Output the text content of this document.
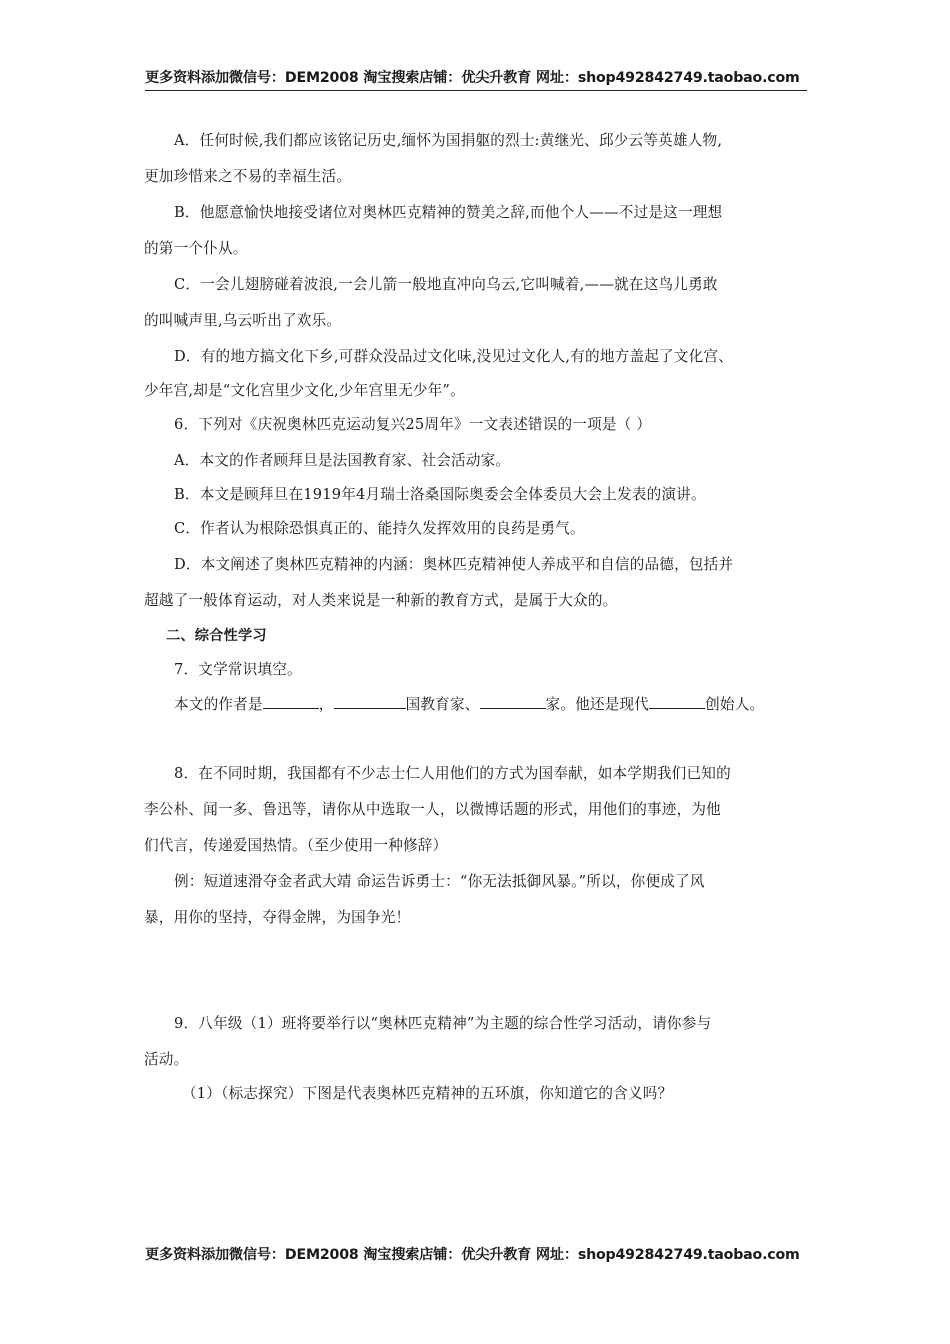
更多资料添加微信号：DEM2008 淘宝搜索店铺：优尖升教育 网址：shop492842749.taobao.com
A．任何时候,我们都应该铭记历史,缅怀为国捐躯的烈士:黄继光、邱少云等英雄人物,
更加珍惜来之不易的幸福生活。
B．他愿意愉快地接受诸位对奥林匹克精神的赞美之辞,而他个人——不过是这一理想
的第一个仆从。
C．一会儿翅膀碰着波浪,一会儿箭一般地直冲向乌云,它叫喊着,——就在这鸟儿勇敢
的叫喊声里,乌云听出了欢乐。
D．有的地方搞文化下乡,可群众没品过文化味,没见过文化人,有的地方盖起了文化宫、
少年宫,却是“文化宫里少文化,少年宫里无少年”。
6．下列对《庆祝奥林匹克运动复兴25周年》一文表述错误的一项是（ ）
A．本文的作者顾拜旦是法国教育家、社会活动家。
B．本文是顾拜旦在1919年4月瑞士洛桑国际奥委会全体委员大会上发表的演讲。
C．作者认为根除恐惧真正的、能持久发挥效用的良药是勇气。
D．本文阐述了奥林匹克精神的内涵：奥林匹克精神使人养成平和自信的品德，包括并
超越了一般体育运动，对人类来说是一种新的教育方式，是属于大众的。
二、综合性学习
7．文学常识填空。
本文的作者是	，	国教育家、	家。他还是现代	创始人。
8．在不同时期，我国都有不少志士仁人用他们的方式为国奉献，如本学期我们已知的
李公朴、闻一多、鲁迅等，请你从中选取一人，以微博话题的形式，用他们的事迹，为他
们代言，传递爱国热情。（至少使用一种修辞）
例：短道速滑夺金者武大靖 命运告诉勇士：“你无法抵御风暴。”所以，你便成了风
暴，用你的坚持，夺得金牌，为国争光！
9．八年级（1）班将要举行以“奥林匹克精神”为主题的综合性学习活动，请你参与
活动。
（1）（标志探究）下图是代表奥林匹克精神的五环旗，你知道它的含义吗？
更多资料添加微信号：DEM2008 淘宝搜索店铺：优尖升教育 网址：shop492842749.taobao.com
